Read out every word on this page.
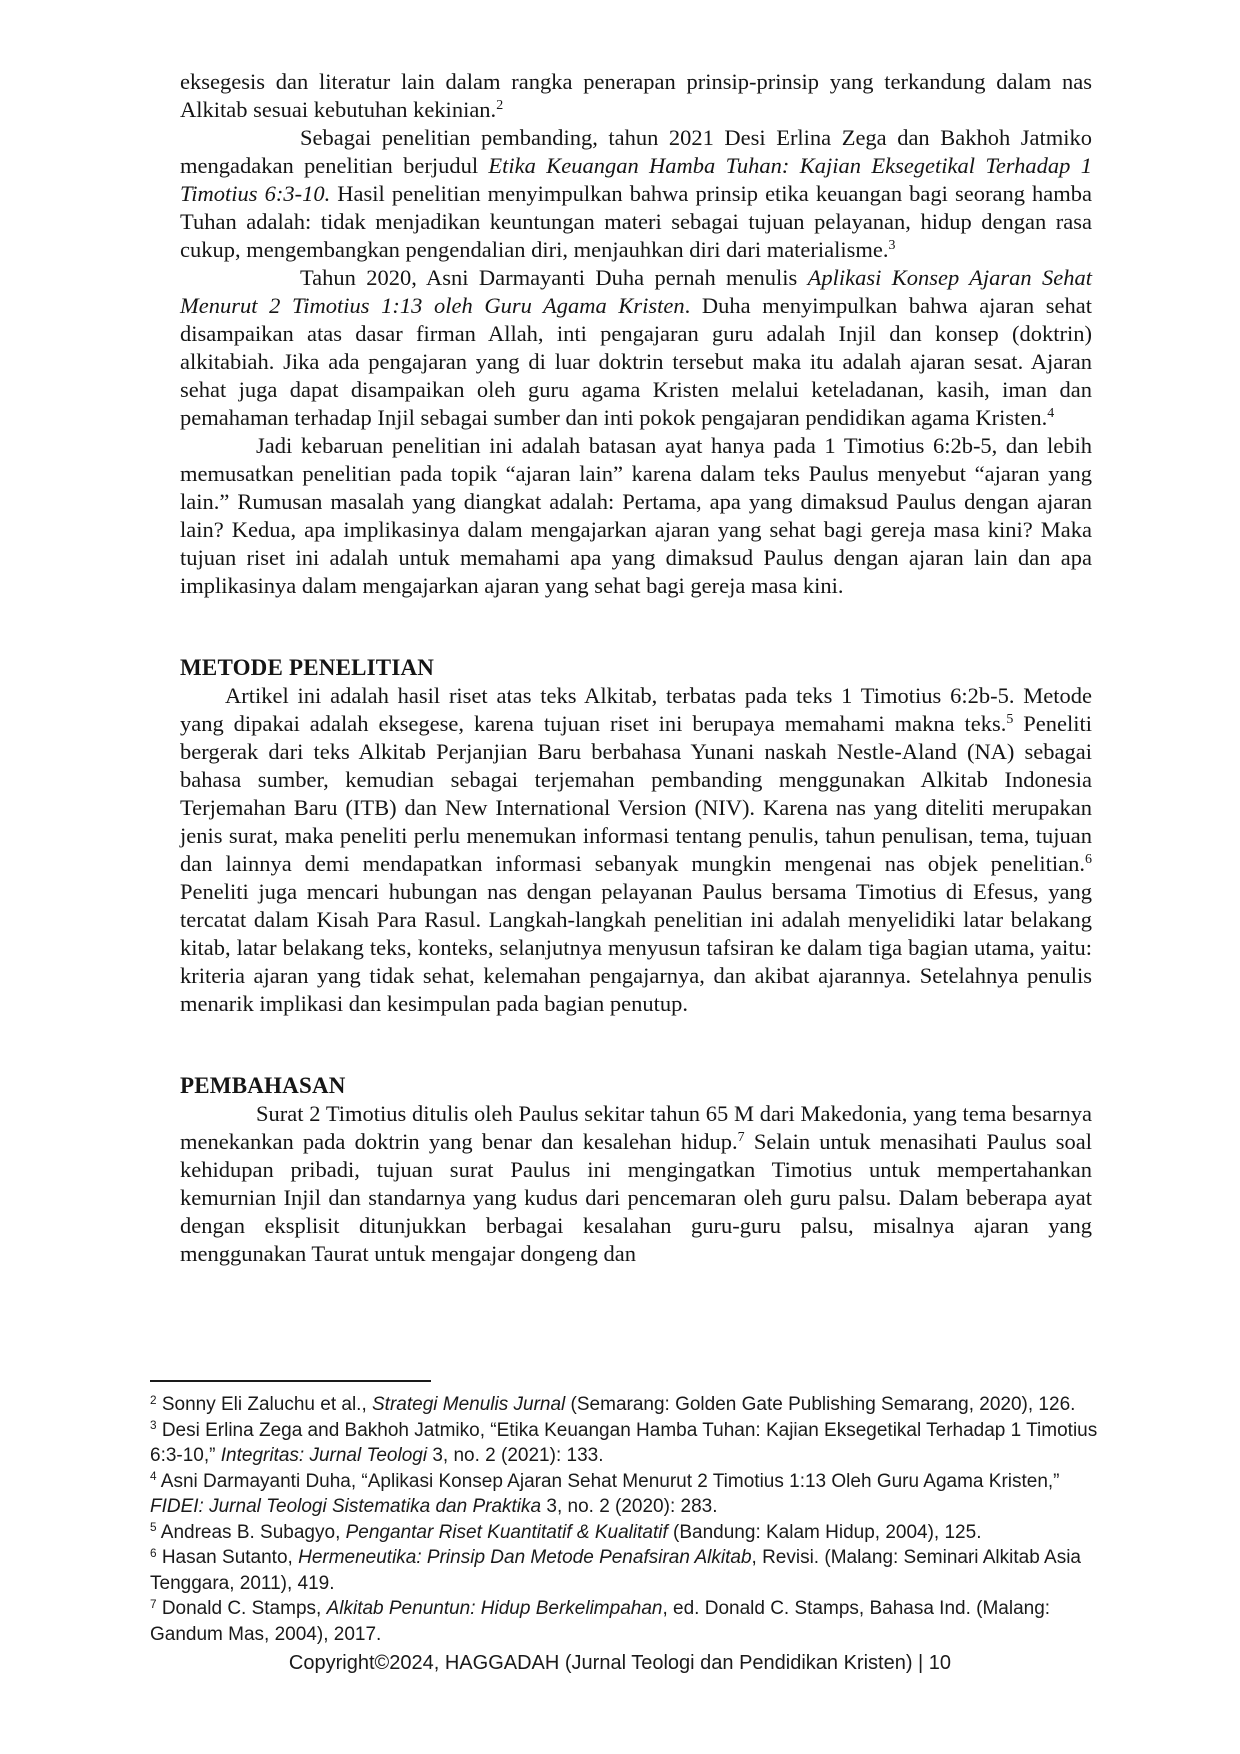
eksegesis dan literatur lain dalam rangka penerapan prinsip-prinsip yang terkandung dalam nas Alkitab sesuai kebutuhan kekinian.$^2$

Sebagai penelitian pembanding, tahun 2021 Desi Erlina Zega dan Bakhoh Jatmiko mengadakan penelitian berjudul Etika Keuangan Hamba Tuhan: Kajian Eksegetikal Terhadap 1 Timotius 6:3-10. Hasil penelitian menyimpulkan bahwa prinsip etika keuangan bagi seorang hamba Tuhan adalah: tidak menjadikan keuntungan materi sebagai tujuan pelayanan, hidup dengan rasa cukup, mengembangkan pengendalian diri, menjauhkan diri dari materialisme.$^3$

Tahun 2020, Asni Darmayanti Duha pernah menulis Aplikasi Konsep Ajaran Sehat Menurut 2 Timotius 1:13 oleh Guru Agama Kristen. Duha menyimpulkan bahwa ajaran sehat disampaikan atas dasar firman Allah, inti pengajaran guru adalah Injil dan konsep (doktrin) alkitabiah. Jika ada pengajaran yang di luar doktrin tersebut maka itu adalah ajaran sesat. Ajaran sehat juga dapat disampaikan oleh guru agama Kristen melalui keteladanan, kasih, iman dan pemahaman terhadap Injil sebagai sumber dan inti pokok pengajaran pendidikan agama Kristen.$^4$

Jadi kebaruan penelitian ini adalah batasan ayat hanya pada 1 Timotius 6:2b-5, dan lebih memusatkan penelitian pada topik “ajaran lain” karena dalam teks Paulus menyebut “ajaran yang lain.” Rumusan masalah yang diangkat adalah: Pertama, apa yang dimaksud Paulus dengan ajaran lain? Kedua, apa implikasinya dalam mengajarkan ajaran yang sehat bagi gereja masa kini? Maka tujuan riset ini adalah untuk memahami apa yang dimaksud Paulus dengan ajaran lain dan apa implikasinya dalam mengajarkan ajaran yang sehat bagi gereja masa kini.

METODE PENELITIAN

Artikel ini adalah hasil riset atas teks Alkitab, terbatas pada teks 1 Timotius 6:2b-5. Metode yang dipakai adalah eksegese, karena tujuan riset ini berupaya memahami makna teks.$^5$ Peneliti bergerak dari teks Alkitab Perjanjian Baru berbahasa Yunani naskah Nestle-Aland (NA) sebagai bahasa sumber, kemudian sebagai terjemahan pembanding menggunakan Alkitab Indonesia Terjemahan Baru (ITB) dan New International Version (NIV). Karena nas yang diteliti merupakan jenis surat, maka peneliti perlu menemukan informasi tentang penulis, tahun penulisan, tema, tujuan dan lainnya demi mendapatkan informasi sebanyak mungkin mengenai nas objek penelitian.$^6$ Peneliti juga mencari hubungan nas dengan pelayanan Paulus bersama Timotius di Efesus, yang tercatat dalam Kisah Para Rasul. Langkah-langkah penelitian ini adalah menyelidiki latar belakang kitab, latar belakang teks, konteks, selanjutnya menyusun tafsiran ke dalam tiga bagian utama, yaitu: kriteria ajaran yang tidak sehat, kelemahan pengajarnya, dan akibat ajarannya. Setelahnya penulis menarik implikasi dan kesimpulan pada bagian penutup.

PEMBAHASAN

Surat 2 Timotius ditulis oleh Paulus sekitar tahun 65 M dari Makedonia, yang tema besarnya menekankan pada doktrin yang benar dan kesalehan hidup.$^7$ Selain untuk menasihati Paulus soal kehidupan pribadi, tujuan surat Paulus ini mengingatkan Timotius untuk mempertahankan kemurnian Injil dan standarnya yang kudus dari pencemaran oleh guru palsu. Dalam beberapa ayat dengan eksplisit ditunjukkan berbagai kesalahan guru-guru palsu, misalnya ajaran yang menggunakan Taurat untuk mengajar dongeng dan

$^2$ Sonny Eli Zaluchu et al., Strategi Menulis Jurnal (Semarang: Golden Gate Publishing Semarang, 2020), 126.

$^3$ Desi Erlina Zega and Bakhoh Jatmiko, “Etika Keuangan Hamba Tuhan: Kajian Eksegetikal Terhadap 1 Timotius 6:3-10,” Integritas: Jurnal Teologi 3, no. 2 (2021): 133.

$^4$ Asni Darmayanti Duha, “Aplikasi Konsep Ajaran Sehat Menurut 2 Timotius 1:13 Oleh Guru Agama Kristen,” FIDEI: Jurnal Teologi Sistematika dan Praktika 3, no. 2 (2020): 283.

$^5$ Andreas B. Subagyo, Pengantar Riset Kuantitatif & Kualitatif (Bandung: Kalam Hidup, 2004), 125.

$^6$ Hasan Sutanto, Hermeneutika: Prinsip Dan Metode Penafsiran Alkitab, Revisi. (Malang: Seminari Alkitab Asia Tenggara, 2011), 419.

$^7$ Donald C. Stamps, Alkitab Penuntun: Hidup Berkelimpahan, ed. Donald C. Stamps, Bahasa Ind. (Malang: Gandum Mas, 2004), 2017.

Copyright©2024, HAGGADAH (Jurnal Teologi dan Pendidikan Kristen) | 10
